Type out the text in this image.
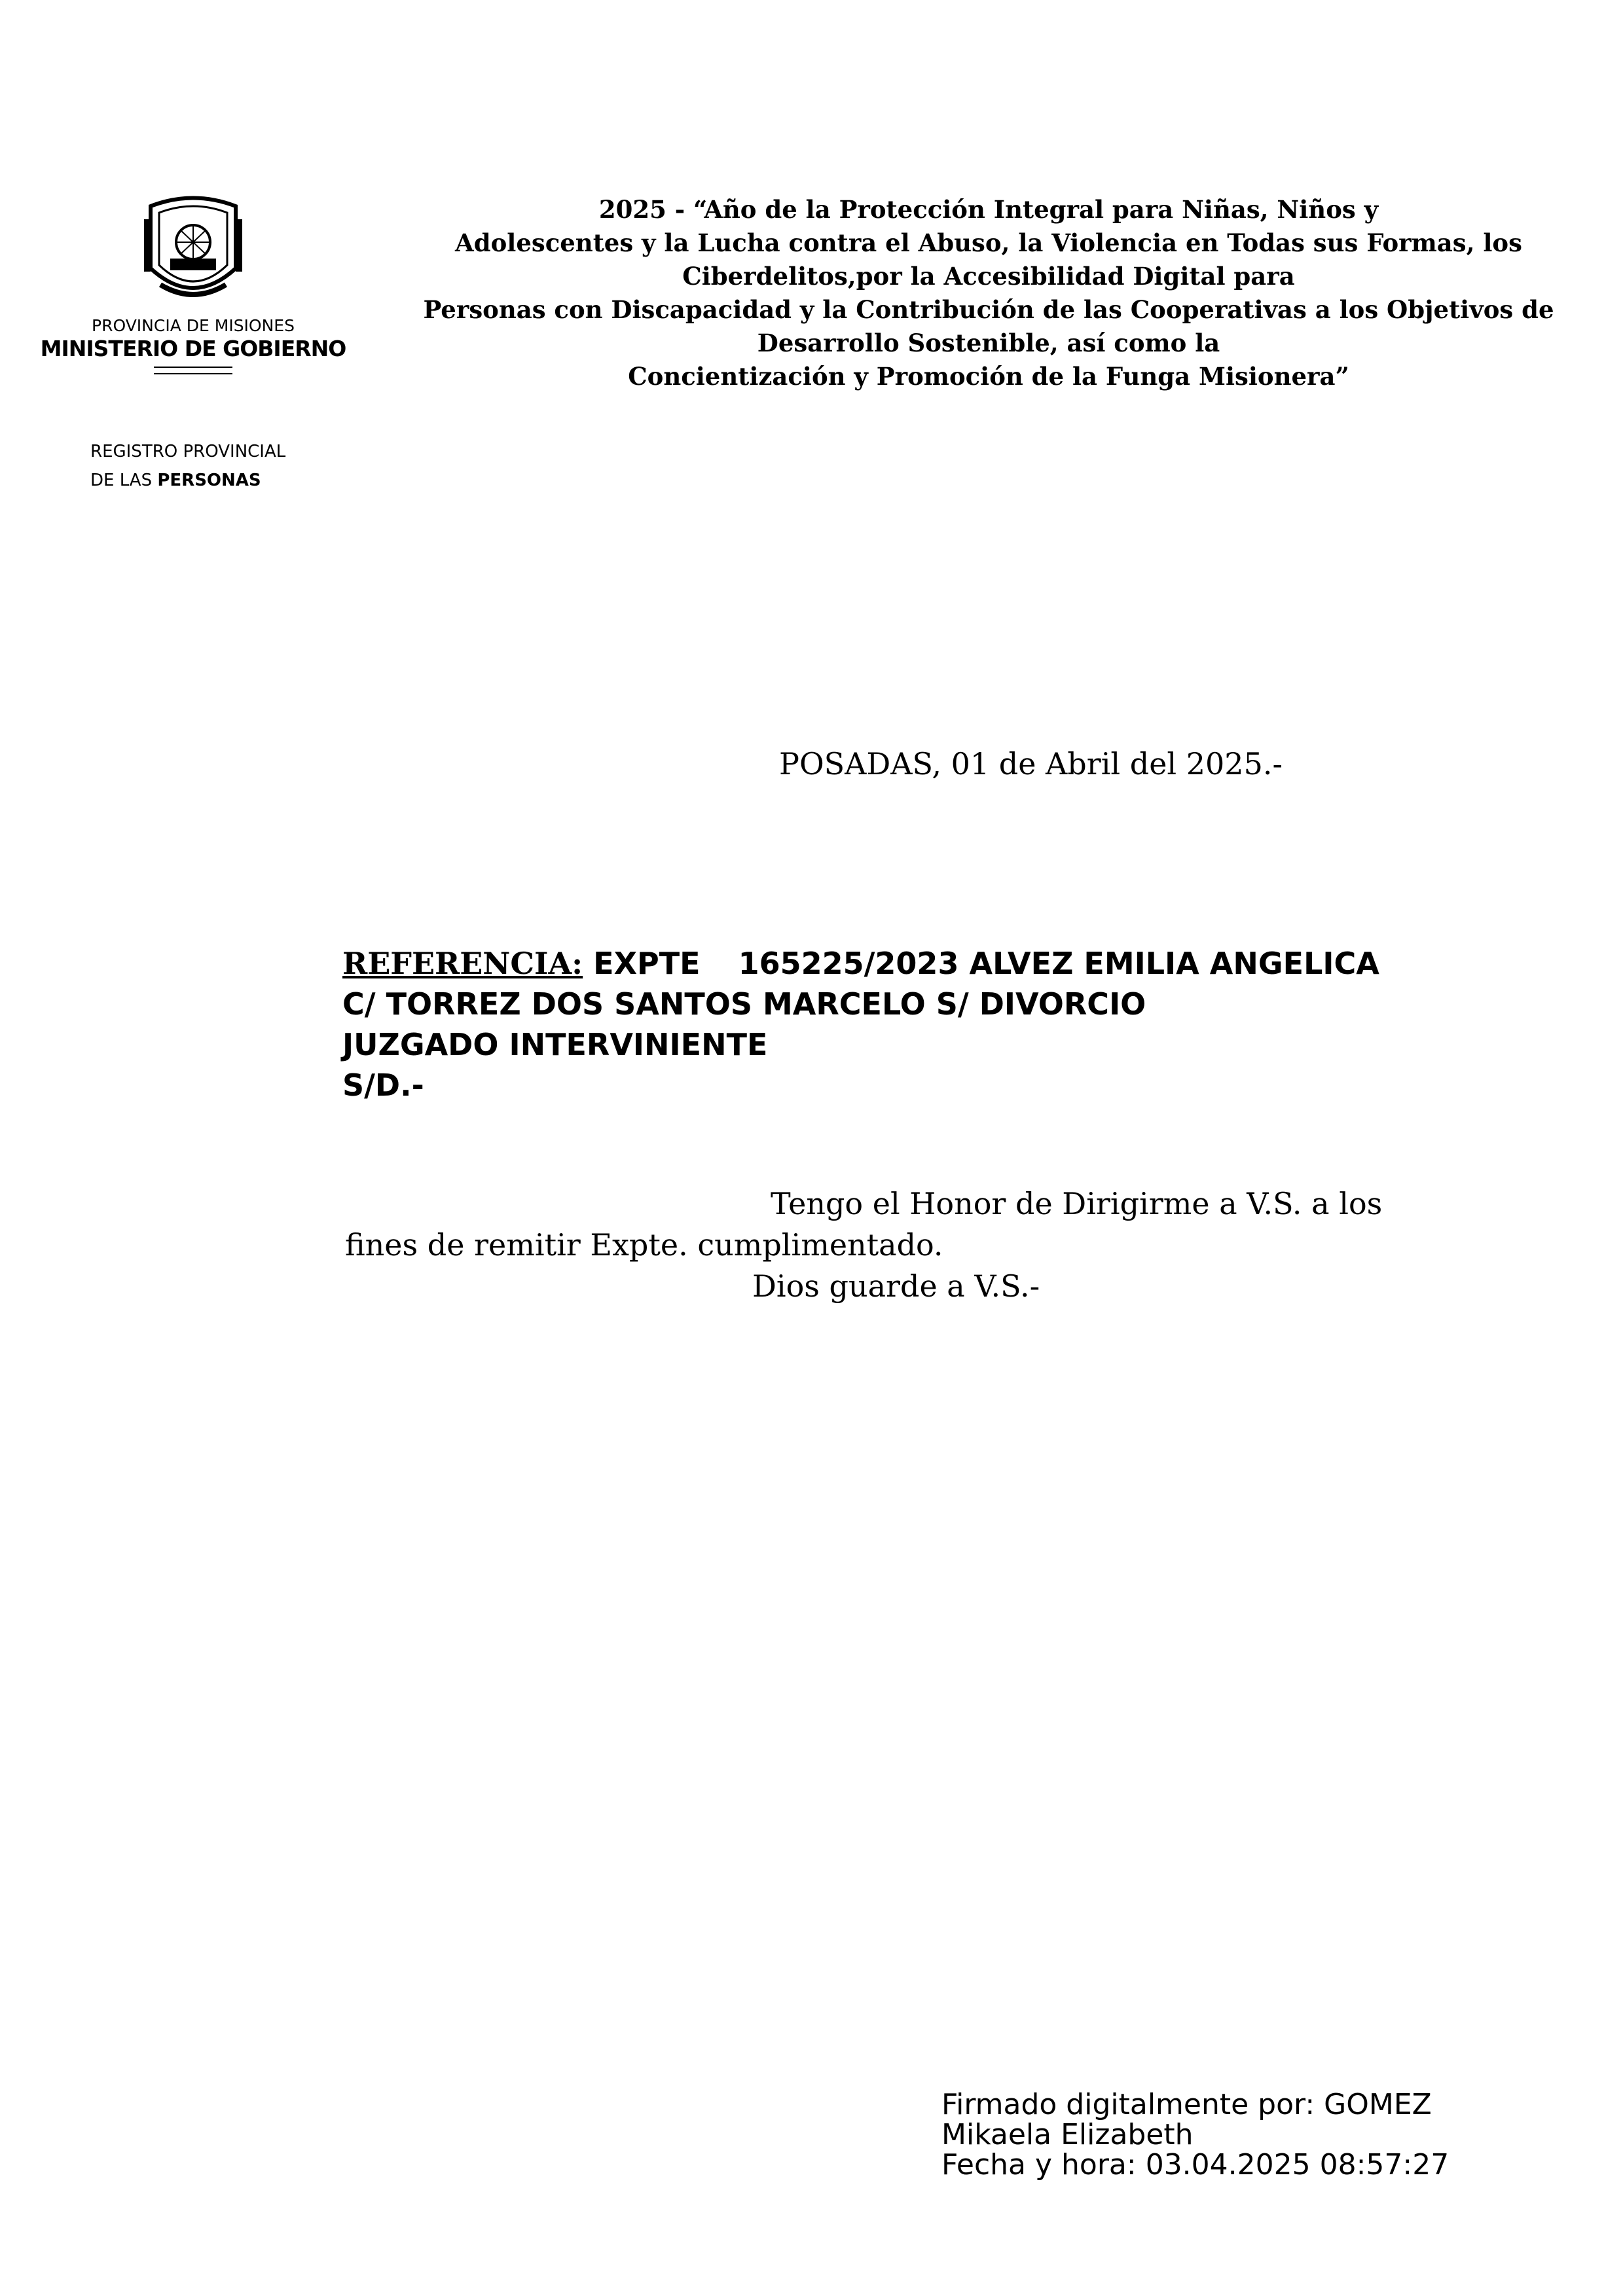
PROVINCIA DE MISIONES
MINISTERIO DE GOBIERNO
REGISTRO PROVINCIAL
DE LAS PERSONAS
2025 - “Año de la Protección Integral para Niñas, Niños y
Adolescentes y la Lucha contra el Abuso, la Violencia en Todas sus Formas, los
Ciberdelitos,por la Accesibilidad Digital para
Personas con Discapacidad y la Contribución de las Cooperativas a los Objetivos de
Desarrollo Sostenible, así como la
Concientización y Promoción de la Funga Misionera”
POSADAS, 01 de Abril del 2025.-
REFERENCIA: EXPTE 165225/2023 ALVEZ EMILIA ANGELICA
C/ TORREZ DOS SANTOS MARCELO S/ DIVORCIO
JUZGADO INTERVINIENTE
S/D.-
Tengo el Honor de Dirigirme a V.S. a los
fines de remitir Expte. cumplimentado.
Dios guarde a V.S.-
Firmado digitalmente por: GOMEZ
Mikaela Elizabeth
Fecha y hora: 03.04.2025 08:57:27
